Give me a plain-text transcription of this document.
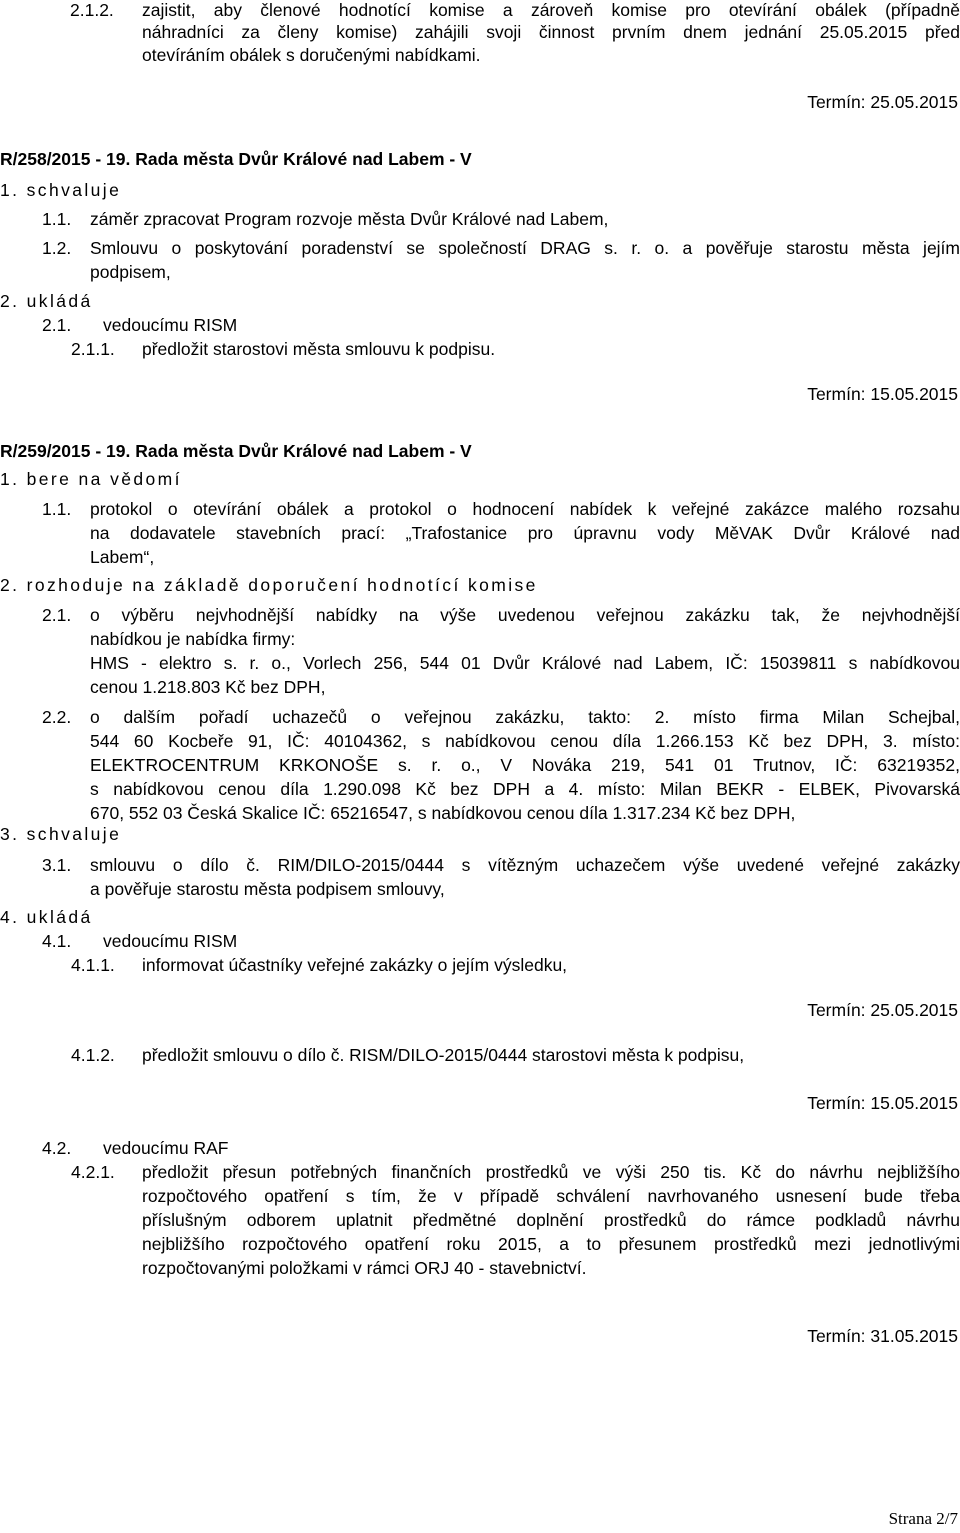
2.1.2. zajistit, aby členové hodnotící komise a zároveň komise pro otevírání obálek (případně
náhradníci za členy komise) zahájili svoji činnost prvním dnem jednání 25.05.2015 před
otevíráním obálek s doručenými nabídkami.
Termín: 25.05.2015
R/258/2015 - 19. Rada města Dvůr Králové nad Labem - V
1. schvaluje
1.1. záměr zpracovat Program rozvoje města Dvůr Králové nad Labem,
1.2. Smlouvu o poskytování poradenství se společností DRAG s. r. o. a pověřuje starostu města jejím
podpisem,
2. ukládá
2.1. vedoucímu RISM
2.1.1. předložit starostovi města smlouvu k podpisu.
Termín: 15.05.2015
R/259/2015 - 19. Rada města Dvůr Králové nad Labem - V
1. bere na vědomí
1.1. protokol o otevírání obálek a protokol o hodnocení nabídek k veřejné zakázce malého rozsahu
na dodavatele stavebních prací: „Trafostanice pro úpravnu vody MěVAK Dvůr Králové nad
Labem“,
2. rozhoduje na základě doporučení hodnotící komise
2.1. o výběru nejvhodnější nabídky na výše uvedenou veřejnou zakázku tak, že nejvhodnější
nabídkou je nabídka firmy:
HMS - elektro s. r. o., Vorlech 256, 544 01 Dvůr Králové nad Labem, IČ: 15039811 s nabídkovou
cenou 1.218.803 Kč bez DPH,
2.2. o dalším pořadí uchazečů o veřejnou zakázku, takto: 2. místo firma Milan Schejbal,
544 60 Kocbeře 91, IČ: 40104362, s nabídkovou cenou díla 1.266.153 Kč bez DPH, 3. místo:
ELEKTROCENTRUM KRKONOŠE s. r. o., V Nováka 219, 541 01 Trutnov, IČ: 63219352,
s nabídkovou cenou díla 1.290.098 Kč bez DPH a 4. místo: Milan BEKR - ELBEK, Pivovarská
670, 552 03 Česká Skalice IČ: 65216547, s nabídkovou cenou díla 1.317.234 Kč bez DPH,
3. schvaluje
3.1. smlouvu o dílo č. RIM/DILO-2015/0444 s vítězným uchazečem výše uvedené veřejné zakázky
a pověřuje starostu města podpisem smlouvy,
4. ukládá
4.1. vedoucímu RISM
4.1.1. informovat účastníky veřejné zakázky o jejím výsledku,
Termín: 25.05.2015
4.1.2. předložit smlouvu o dílo č. RISM/DILO-2015/0444 starostovi města k podpisu,
Termín: 15.05.2015
4.2. vedoucímu RAF
4.2.1. předložit přesun potřebných finančních prostředků ve výši 250 tis. Kč do návrhu nejbližšího
rozpočtového opatření s tím, že v případě schválení navrhovaného usnesení bude třeba
příslušným odborem uplatnit předmětné doplnění prostředků do rámce podkladů návrhu
nejbližšího rozpočtového opatření roku 2015, a to přesunem prostředků mezi jednotlivými
rozpočtovanými položkami v rámci ORJ 40 - stavebnictví.
Termín: 31.05.2015
Strana 2/7
